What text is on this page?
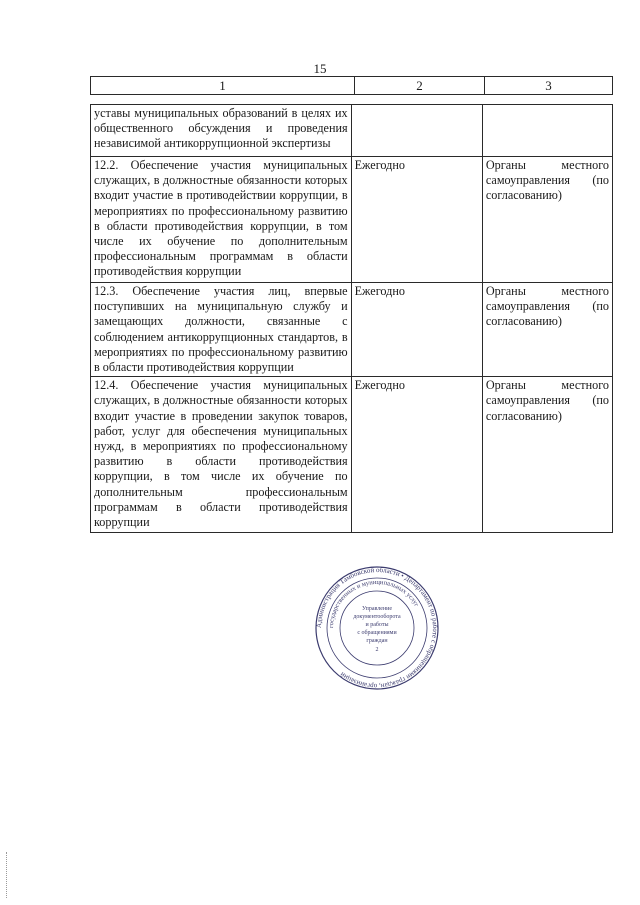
15
1	2	3
уставы муниципальных образований в целях их общественного обсуждения и проведения независимой антикоррупционной экспертизы		
12.2. Обеспечение участия муниципальных служащих, в должностные обязанности которых входит участие в противодействии коррупции, в мероприятиях по профессиональному развитию в области противодействия коррупции, в том числе их обучение по дополнительным профессиональным программам в области противодействия коррупции	Ежегодно	Органы местного самоуправления (по согласованию)
12.3. Обеспечение участия лиц, впервые поступивших на муниципальную службу и замещающих должности, связанные с соблюдением антикоррупционных стандартов, в мероприятиях по профессиональному развитию в области противодействия коррупции	Ежегодно	Органы местного самоуправления (по согласованию)
12.4. Обеспечение участия муниципальных служащих, в должностные обязанности которых входит участие в проведении закупок товаров, работ, услуг для обеспечения муниципальных нужд, в мероприятиях по профессиональному развитию в области противодействия коррупции, в том числе их обучение по дополнительным профессиональным программам в области противодействия коррупции	Ежегодно	Органы местного самоуправления (по согласованию)
Администрация Тамбовской области • Департамент по работе с обращениями граждан, организаций
государственных и муниципальных услуг
Управление
документооборота
и работы
с обращениями
граждан
2
